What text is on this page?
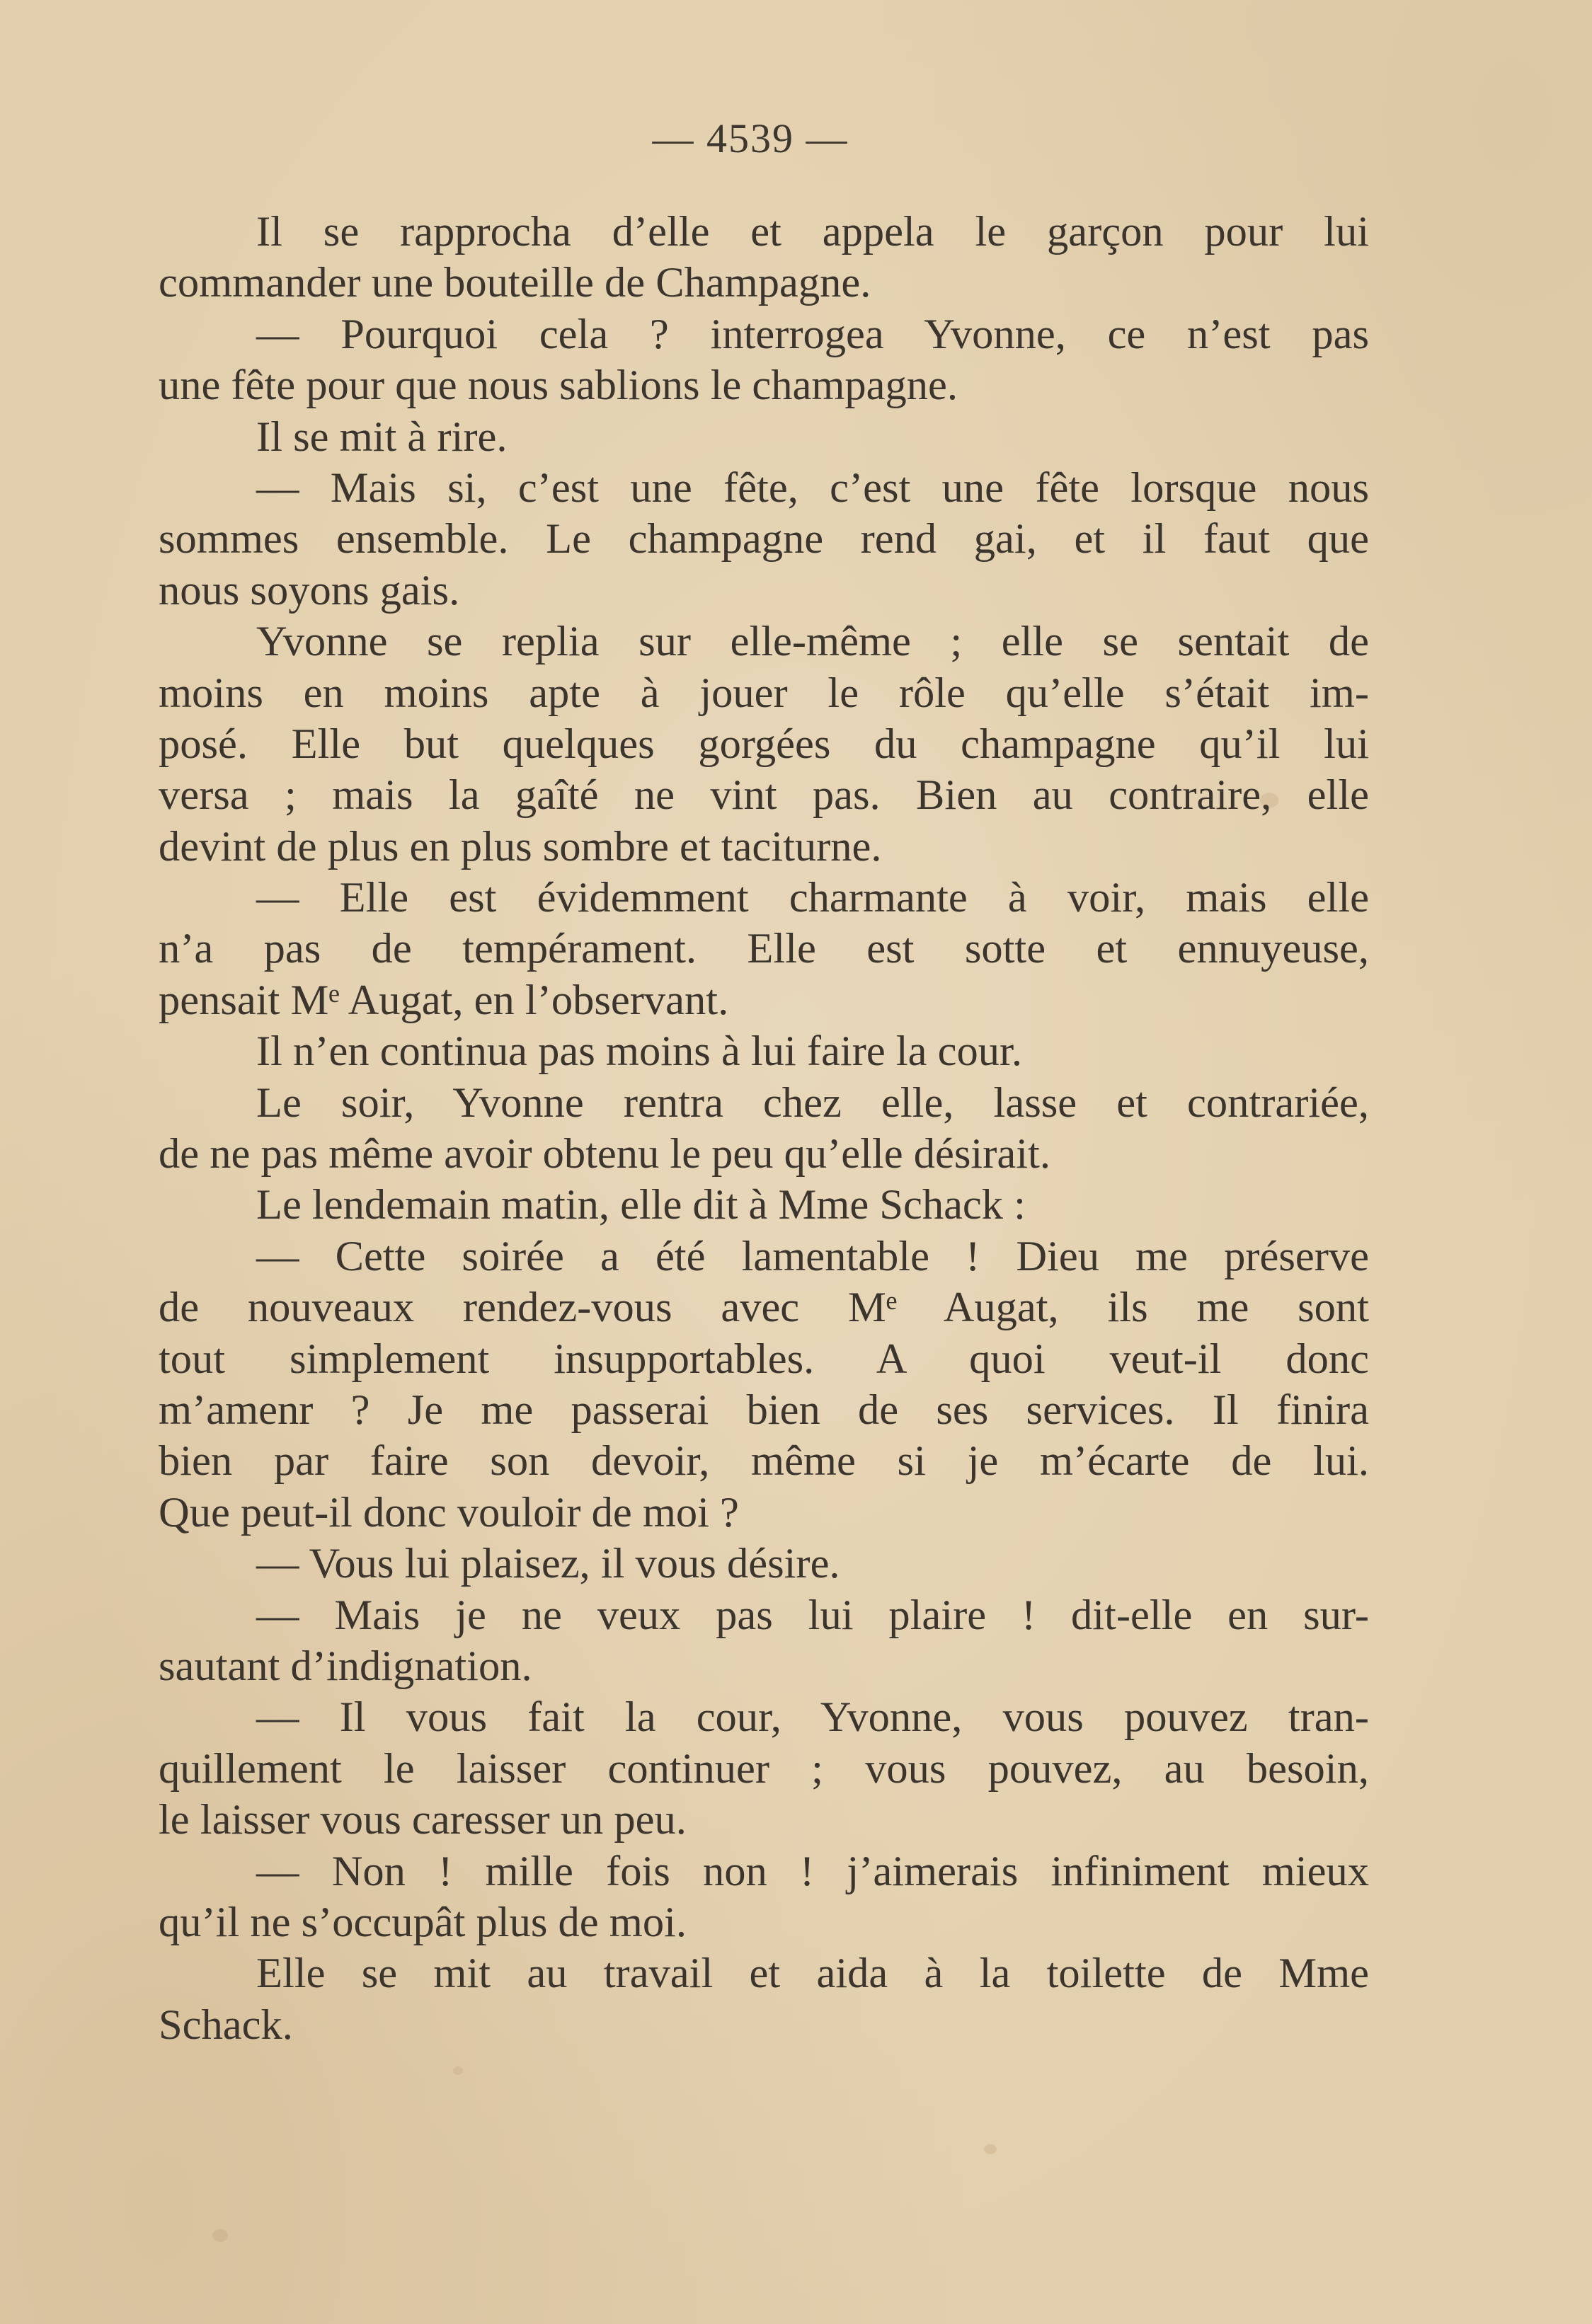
— 4539 —
Il se rapprocha d’elle et appela le garçon pour lui
commander une bouteille de Champagne.
— Pourquoi cela ? interrogea Yvonne, ce n’est pas
une fête pour que nous sablions le champagne.
Il se mit à rire.
— Mais si, c’est une fête, c’est une fête lorsque nous
sommes ensemble. Le champagne rend gai, et il faut que
nous soyons gais.
Yvonne se replia sur elle-même ; elle se sentait de
moins en moins apte à jouer le rôle qu’elle s’était im-
posé. Elle but quelques gorgées du champagne qu’il lui
versa ; mais la gaîté ne vint pas. Bien au contraire, elle
devint de plus en plus sombre et taciturne.
— Elle est évidemment charmante à voir, mais elle
n’a pas de tempérament. Elle est sotte et ennuyeuse,
pensait Mᵉ Augat, en l’observant.
Il n’en continua pas moins à lui faire la cour.
Le soir, Yvonne rentra chez elle, lasse et contrariée,
de ne pas même avoir obtenu le peu qu’elle désirait.
Le lendemain matin, elle dit à Mme Schack :
— Cette soirée a été lamentable ! Dieu me préserve
de nouveaux rendez-vous avec Mᵉ Augat, ils me sont
tout simplement insupportables. A quoi veut-il donc
m’amenr ? Je me passerai bien de ses services. Il finira
bien par faire son devoir, même si je m’écarte de lui.
Que peut-il donc vouloir de moi ?
— Vous lui plaisez, il vous désire.
— Mais je ne veux pas lui plaire ! dit-elle en sur-
sautant d’indignation.
— Il vous fait la cour, Yvonne, vous pouvez tran-
quillement le laisser continuer ; vous pouvez, au besoin,
le laisser vous caresser un peu.
— Non ! mille fois non ! j’aimerais infiniment mieux
qu’il ne s’occupât plus de moi.
Elle se mit au travail et aida à la toilette de Mme
Schack.
